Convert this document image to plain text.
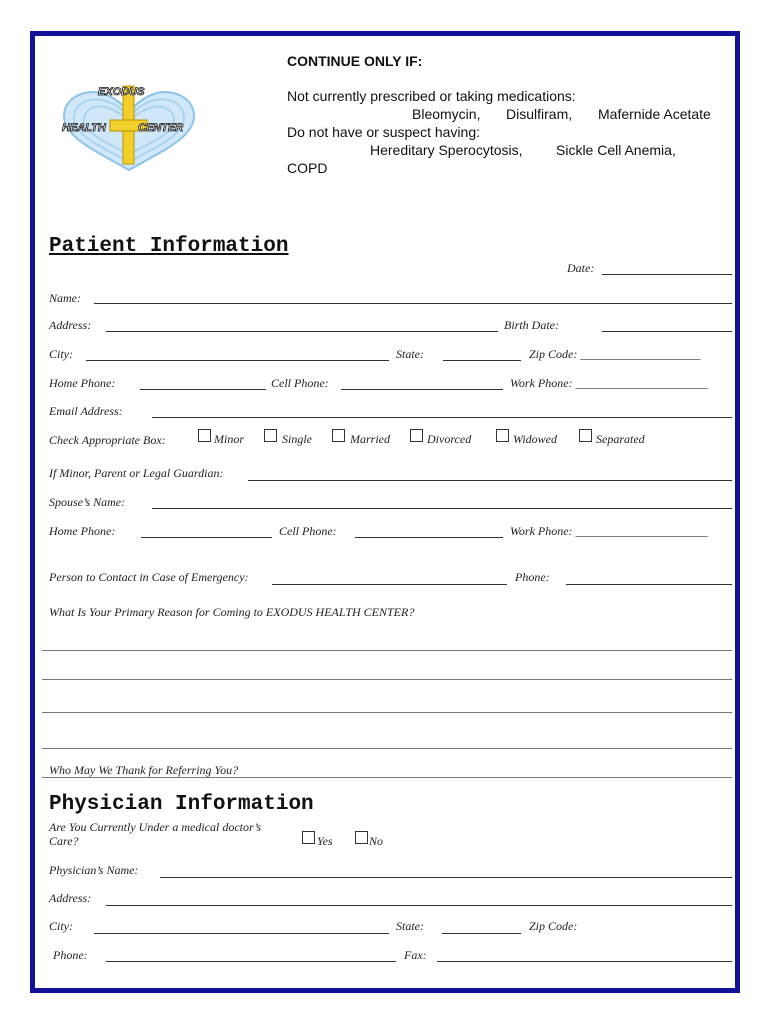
EXODUS
HEALTH	CENTER
CONTINUE ONLY IF:
Not currently prescribed or taking medications:
Bleomycin, Disulfiram, Mafernide Acetate
Do not have or suspect having:
Hereditary Sperocytosis, Sickle Cell Anemia,
COPD
Patient Information
Date:
Name:
Address:	Birth Date:
City:	State:	Zip Code: ____________________
Home Phone:	Cell Phone:	Work Phone: ______________________
Email Address:
Check Appropriate Box:	Minor	Single	Married	Divorced	Widowed	Separated
If Minor, Parent or Legal Guardian:
Spouse’s Name:
Home Phone:	Cell Phone:	Work Phone: ______________________
Person to Contact in Case of Emergency:	Phone:
What Is Your Primary Reason for Coming to EXODUS HEALTH CENTER?
Who May We Thank for Referring You?
Physician Information
Are You Currently Under a medical doctor’s
Care?	Yes	No
Physician’s Name:
Address:
City:	State:	Zip Code:
Phone:	Fax:
